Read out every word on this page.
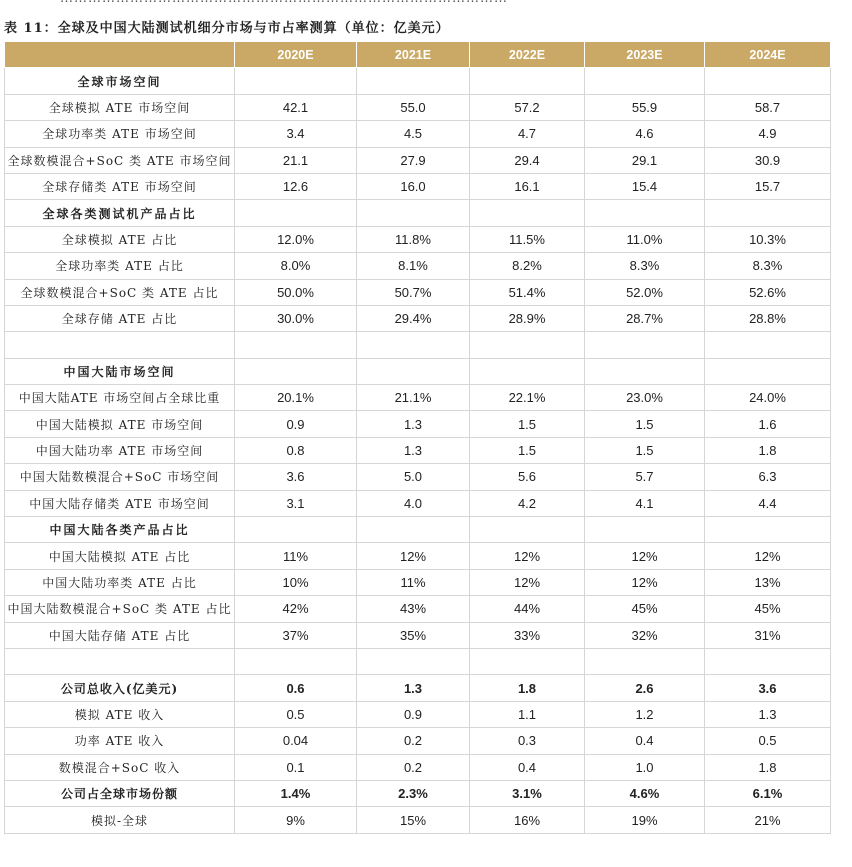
表 11：全球及中国大陆测试机细分市场与市占率测算（单位：亿美元）
	2020E	2021E	2022E	2023E	2024E
全球市场空间					
全球模拟 ATE 市场空间	42.1	55.0	57.2	55.9	58.7
全球功率类 ATE 市场空间	3.4	4.5	4.7	4.6	4.9
全球数模混合+SoC 类 ATE 市场空间	21.1	27.9	29.4	29.1	30.9
全球存储类 ATE 市场空间	12.6	16.0	16.1	15.4	15.7
全球各类测试机产品占比					
全球模拟 ATE 占比	12.0%	11.8%	11.5%	11.0%	10.3%
全球功率类 ATE 占比	8.0%	8.1%	8.2%	8.3%	8.3%
全球数模混合+SoC 类 ATE 占比	50.0%	50.7%	51.4%	52.0%	52.6%
全球存储 ATE 占比	30.0%	29.4%	28.9%	28.7%	28.8%

中国大陆市场空间					
中国大陆ATE 市场空间占全球比重	20.1%	21.1%	22.1%	23.0%	24.0%
中国大陆模拟 ATE 市场空间	0.9	1.3	1.5	1.5	1.6
中国大陆功率 ATE 市场空间	0.8	1.3	1.5	1.5	1.8
中国大陆数模混合+SoC 市场空间	3.6	5.0	5.6	5.7	6.3
中国大陆存储类 ATE 市场空间	3.1	4.0	4.2	4.1	4.4
中国大陆各类产品占比					
中国大陆模拟 ATE 占比	11%	12%	12%	12%	12%
中国大陆功率类 ATE 占比	10%	11%	12%	12%	13%
中国大陆数模混合+SoC 类 ATE 占比	42%	43%	44%	45%	45%
中国大陆存储 ATE 占比	37%	35%	33%	32%	31%

公司总收入(亿美元)	0.6	1.3	1.8	2.6	3.6
模拟 ATE 收入	0.5	0.9	1.1	1.2	1.3
功率 ATE 收入	0.04	0.2	0.3	0.4	0.5
数模混合+SoC 收入	0.1	0.2	0.4	1.0	1.8
公司占全球市场份额	1.4%	2.3%	3.1%	4.6%	6.1%
模拟-全球	9%	15%	16%	19%	21%
